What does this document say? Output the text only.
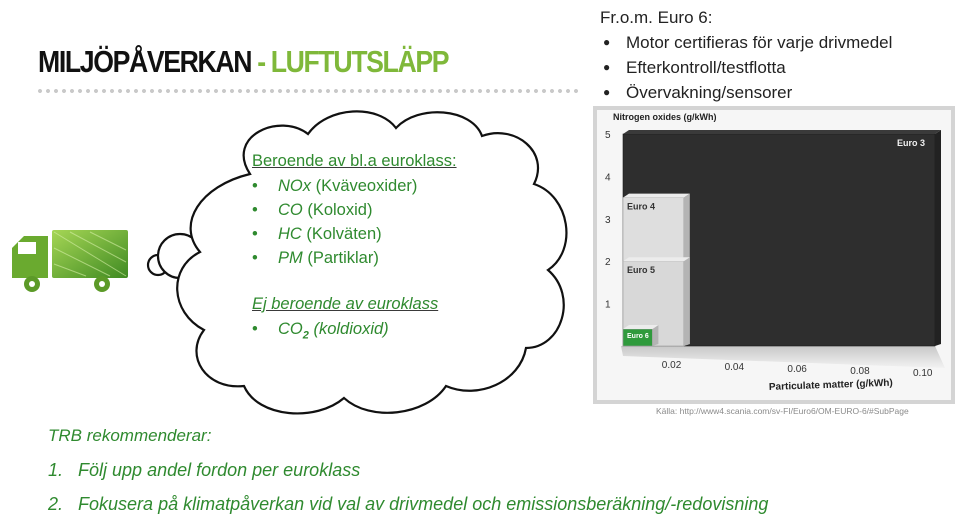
MILJÖPÅVERKAN - LUFTUTSLÄPP
Beroende av bl.a euroklass:
• NOx (Kväveoxider)
• CO (Koloxid)
• HC (Kolväten)
• PM (Partiklar)
Ej beroende av euroklass
• $CO_2$ (koldioxid)
Fr.o.m. Euro 6:
● Motor certifieras för varje drivmedel
● Efterkontroll/testflotta
● Övervakning/sensorer
Nitrogen oxides (g/kWh)
Particulate matter (g/kWh)
1
2
3
4
5
0.02	0.04	0.06	0.08	0.10
Euro 3
Euro 4
Euro 5
Euro 6
Källa: http://www4.scania.com/sv-FI/Euro6/OM-EURO-6/#SubPage
TRB rekommenderar:
1. Följ upp andel fordon per euroklass
2. Fokusera på klimatpåverkan vid val av drivmedel och emissionsberäkning/-redovisning
